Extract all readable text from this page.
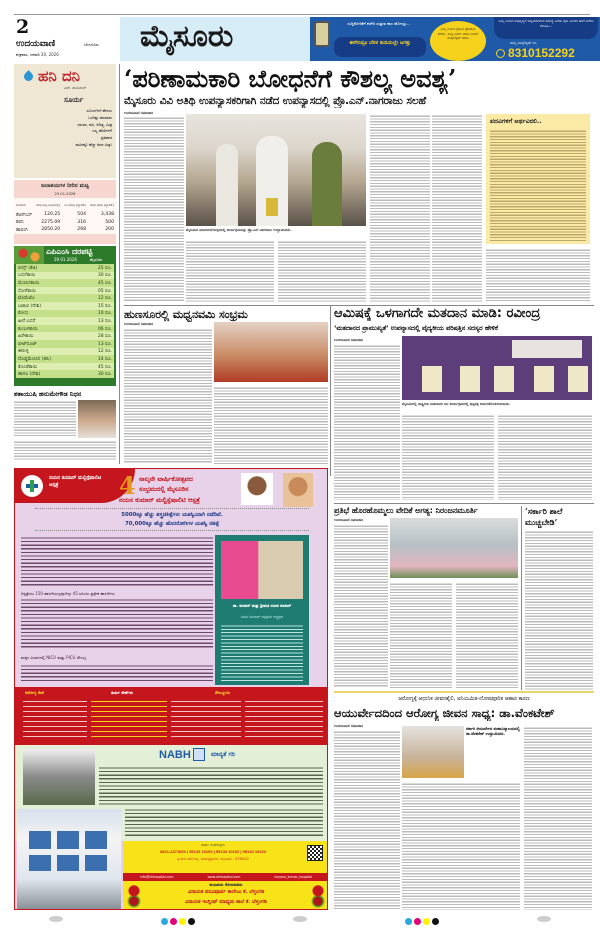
2
ಉದಯವಾಣಿ	ಬೆಂಗಳೂರು
ಶುಕ್ರವಾರ, ಜನವರಿ 30, 2026
ಮೈಸೂರು	ಸುದ್ದಿಕೋರಿಕೆಗೆ ಕಚೇರಿ ಸುತ್ತುವ ಕಾಲ ಹೋಯ್ತು...
ಈಗೇನಿದ್ರೂ ಬೆರಳ ತುದಿಯಲ್ಲೇ ಜಗತ್ತು
ನಿಮ್ಮ ಊರಿನ ಕ್ರಮದ ಫೋಟೋ ತೆಗೆದು, ಸುದ್ದಿ ಬರ್ದ್ ಮಾಡಿ ನಮಗೆ ವಾಟ್ಸ್ಆ್ಯಪ್ ಮಾಡಿ
ನಿಮ್ಮ ಊರಿನ ಅಭಿವೃದ್ಧಿಗೆ ಅಡ್ಡಿಯಾಗಿರುವ ಸಮಸ್ಯೆ ಎರಡು ಪುಟ ಮೀರದ ಹಾಗೆ ಬರೆದು ಕಳುಹಿಸಿ...
ಹಮ್ಮ ವಾಟ್ಸ್ಆ್ಯಪ್ ನಂ.
8310152292
ಹನಿ ದನಿ
ಎಚ್. ಡುಂಡಿರಾಜ್
ಸೂರ್ಯ
ಸೂರ್ಯನಿಗೆ ಹೇರಲು
ಒಂದಿಷ್ಟು ಹಲವಾರು
ಛಾಯಾ, ಪವಿ, ಅದಿತ್ಯ, ಮಿತ್ರ
ಎಲ್ಲ ಹೆಸರಿಗಳಿಗೆ
ಪ್ರತಿವಾದ
ಸಾವಿರಕ್ಕೂ ಹೆಚ್ಚು ಕಿರಣ ಮಿತ್ರ!
ಜಲಾಶಯಗಳ ನೀರಿನ ಮಟ್ಟ
29-01-2026
ಜಲಾಶಯ	ಗರಿಷ್ಠ ಮಟ್ಟ (ಅಡಿಗಳಲ್ಲಿ)	ಒಳ ಹರಿವು (ಕ್ಯೂಸೆಕ್)	ಹೊರ ಹರಿವು (ಕ್ಯೂಸೆಕ್)
ಕೆಆರ್‌ಎಸ್	120.25	504	3,438
ಕಬಿನಿ	2275.09	316	500
ಹಾರಂಗಿ	2850.20	268	200
ಎಪಿಎಂಸಿ ದರಪಟ್ಟಿ
29.01.2026	ಮೈಸೂರು
ಬೀನ್ಸ್ (ಕೆಜಿ)	25 ರೂ.
ಬದನೆಕಾಯಿ	30 ರೂ.
ಮೆಣಸಿನಕಾಯಿ	45 ರೂ.
ಸೋರೆಕಾಯಿ	05 ರೂ.
ಟೊಮೆಟೊ	12 ರೂ.
ಬಟಾಣಿ (ದೇಶಿ)	15 ರೂ.
ಕೋಸು	10 ರೂ.
ಹೀರೆ ಬದನೆ	13 ರೂ.
ಕುಂಬಳಕಾಯಿ	06 ರೂ.
ಹಿರೇಕಾಯಿ	28 ರೂ.
ಬೀಟ್‌ರೂಟ್	13 ರೂ.
ಈರುಳ್ಳಿ	12 ರೂ.
ದೊಡ್ಡಮೆಣಸಿನ (ಹಸಿ)	14 ರೂ.
ತೊಂಡೆಕಾಯಿ	45 ರೂ.
ಹಾಗಲ (ದೇಶಿ)	30 ರೂ.
ಶತಾಯುಷಿ ಹನುಮೇಗೌಡ ನಿಧನ
‘ಪರಿಣಾಮಕಾರಿ ಬೋಧನೆಗೆ ಕೌಶಲ್ಯ ಅವಶ್ಯ’
ಮೈಸೂರು ವಿವಿ ಅತಿಥಿ ಉಪನ್ಯಾಸಕರಿಗಾಗಿ ನಡೆದ ಉಪನ್ಯಾಸದಲ್ಲಿ ಪ್ರೊ.ಎನ್.ನಾಗರಾಜು ಸಲಹೆ
ಉದಯವಾಣಿ ಸಮಾಚಾರ
ಮೈಸೂರಿನ ಮಾನಸಗಂಗೋತ್ರಿಯಲ್ಲಿ ಕಾರ್ಯಕ್ರಮವನ್ನು ಪ್ರೊ.ಎನ್.ನಾಗರಾಜು ಉದ್ಘಾಟಿಸಿದರು.
ಪದವಿಗಳಿಗೆ ಅರ್ಥವಿರಲಿ..
ಹುಣಸೂರಲ್ಲಿ ಮಧ್ವನವಮಿ ಸಂಭ್ರಮ
ಉದಯವಾಣಿ ಸಮಾಚಾರ
ಆಮಿಷಕ್ಕೆ ಒಳಗಾಗದೇ ಮತದಾನ ಮಾಡಿ: ರವೀಂದ್ರ
‘ಮತದಾನದ ಪ್ರಾಮುಖ್ಯತೆ’ ಉಪನ್ಯಾಸದಲ್ಲಿ ವೈದ್ಯಕೀಯ ಪರಿಷತ್ತಿನ ಸದಸ್ಯರ ಹೇಳಿಕೆ
ಉದಯವಾಣಿ ಸಮಾಚಾರ
ಮೈಸೂರಿನಲ್ಲಿ ರಾಷ್ಟ್ರೀಯ ಮತದಾರರ ದಿನ ಕಾರ್ಯಕ್ರಮದಲ್ಲಿ ಭಿತ್ತಿಪತ್ರ ಬಿಡುಗಡೆಗೊಳಿಸಲಾಯಿತು.
ಪ್ರತಿಭೆ ಹೊರಹೊಮ್ಮಲು ವೇದಿಕೆ ಅಗತ್ಯ: ನಿರಂಜನಮೂರ್ತಿ
ಉದಯವಾಣಿ ಸಮಾಚಾರ
‘ಸರ್ಕಾರಿ ಶಾಲೆ ಮುಚ್ಚಬೇಡಿ’
ಆರೋಗ್ಯಕ್ಕೆ ಆಧುನಿಕ ಜೀವನಶೈಲಿ, ಅನಿಯಮಿತ-ದೋಷಪೂರಿತ ಆಹಾರ ಕಾರಣ
ಆಯುರ್ವೇದದಿಂದ ಆರೋಗ್ಯ ಜೀವನ ಸಾಧ್ಯ: ಡಾ.ವೆಂಕಟೇಶ್
ಉದಯವಾಣಿ ಸಮಾಚಾರ	ಸರ್ಕಾರಿ ಆಯುರ್ವೇದ ಮಹಾವಿದ್ಯಾಲಯದಲ್ಲಿ ಡಾ.ವೆಂಕಟೇಶ್ ಉದ್ಘಾಟಿಸಿದರು.
ನಯನ ಕುಮಾರ್ ಮಲ್ಟಿಸ್ಪೆಷಾಲಿಟಿ ಆಸ್ಪತ್ರೆ	4 ನಾಲ್ಕನೇ ವಾರ್ಷಿಕೋತ್ಸವದ
ಸಂಭ್ರಮದಲ್ಲಿ ಮೈಸೂರಿನ
ನಯನ ಕುಮಾರ್ ಮಲ್ಟಿಸ್ಪೆಷಾಲಿಟಿ ಆಸ್ಪತ್ರೆ
5000ಕ್ಕೂ ಹೆಚ್ಚು ಶಸ್ತ್ರಚಿಕಿತ್ಸೆಗಳು ಯಶಸ್ವಿಯಾಗಿ ನಡೆದಿವೆ.
70,000ಕ್ಕೂ ಹೆಚ್ಚು ಹೊರರೋಗಿಗಳ ಯಶಸ್ವಿ ಚಿಕಿತ್ಸೆ
ಆಸ್ಪತ್ರೆಯು 150 ಹಾಸಿಗೆಯುಳ್ಳದ್ದಾಗಿದ್ದು 45 ಐಸಿಯು ಪ್ರತ್ಯೇಕ ಹಾಸಿಗೆಗಳು
ಮಕ್ಕಳ ವಿಭಾಗದಲ್ಲಿ NICU ಮತ್ತು PICU ಸೌಲಭ್ಯ
ಡಾ. ಕುಮಾರ್ ಮತ್ತು ಶ್ರೀಮತಿ ನಯನ ಕುಮಾರ್
ನಯನ ಕುಮಾರ್ ಆಸ್ಪತ್ರೆಯ ಅಧ್ಯಕ್ಷರು
ಆರೋಗ್ಯ ಸೇವೆ	ತುರ್ತು ಸೇವೆಗಳು	ಸೌಲಭ್ಯಗಳು
NABH	ಮಾನ್ಯತೆ ಗರಿ
ತುರ್ತು ಸಂಪರ್ಕಕ್ಕಾಗಿ
0821-2371000 | 95133 19100 | 95133 10102 | 95133 19103
ಕೃ.ರಾಜ ನಗರ ರಸ್ತೆ, ರಾಮಕೃಷ್ಣನಗರ, ಮೈಸೂರು - 570022
info@nkhospital.com	www.nkhospital.com	nayana_kumar_hospital
ಶುಭಾಶಯ ಕೋರುವವರು
ವಿನಾಯಕ ಪದವಿಪೂರ್ವ ಕಾಲೇಜು ಕೆ. ಬೆಳ್ತಂಗಡಿ
ವಿನಾಯಕ ಇಂಗ್ಲೀಷ್ ಮಾಧ್ಯಮ ಶಾಲೆ ಕೆ. ಬೆಳ್ತಂಗಡಿ
